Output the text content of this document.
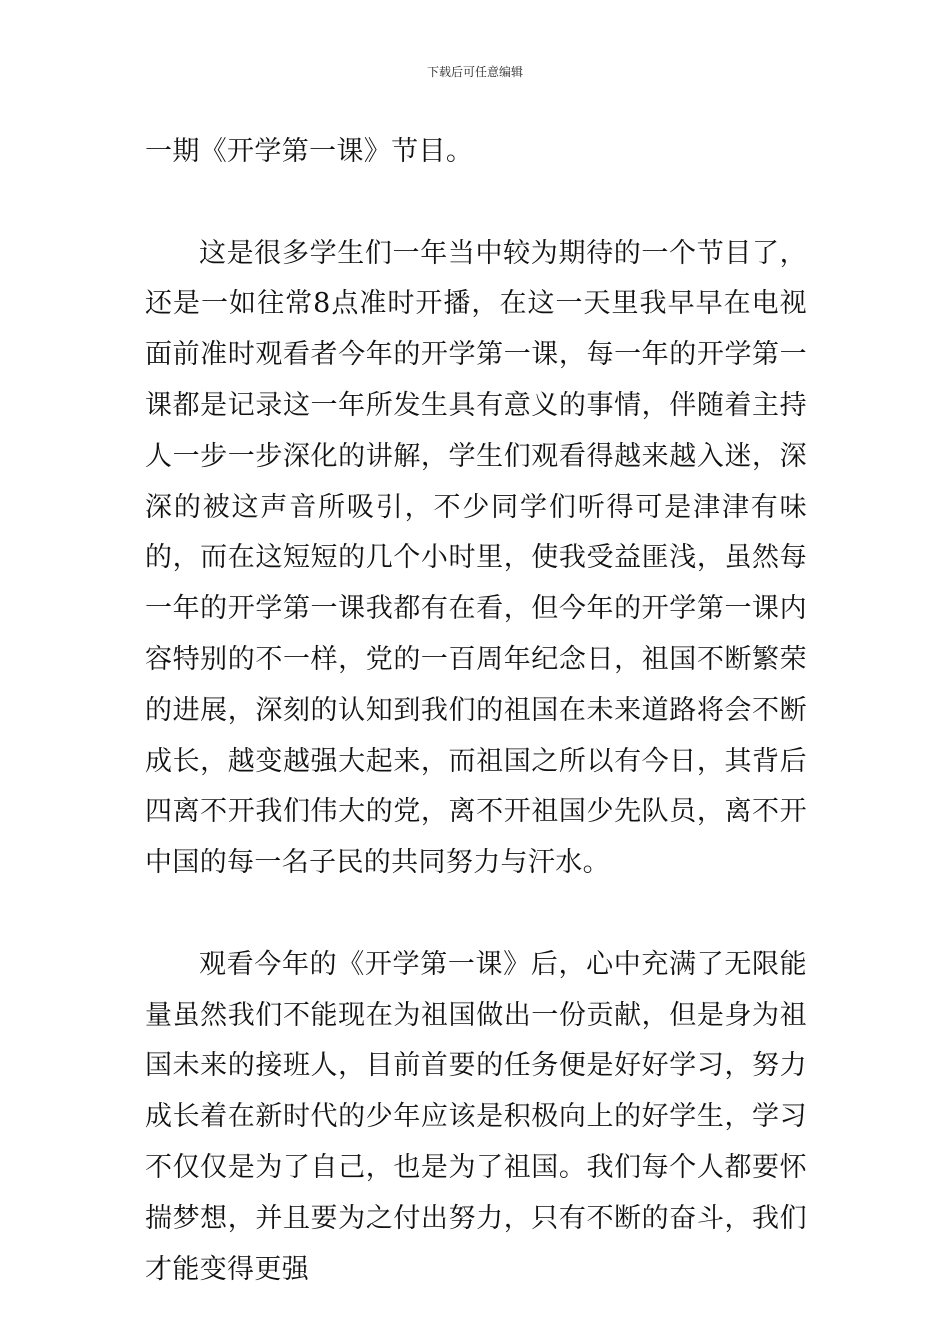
下载后可任意编辑

一期《开学第一课》节目。

这是很多学生们一年当中较为期待的一个节目了，还是一如往常8点准时开播，在这一天里我早早在电视面前准时观看者今年的开学第一课，每一年的开学第一课都是记录这一年所发生具有意义的事情，伴随着主持人一步一步深化的讲解，学生们观看得越来越入迷，深深的被这声音所吸引，不少同学们听得可是津津有味的，而在这短短的几个小时里，使我受益匪浅，虽然每一年的开学第一课我都有在看，但今年的开学第一课内容特别的不一样，党的一百周年纪念日，祖国不断繁荣的进展，深刻的认知到我们的祖国在未来道路将会不断成长，越变越强大起来，而祖国之所以有今日，其背后四离不开我们伟大的党，离不开祖国少先队员，离不开中国的每一名子民的共同努力与汗水。

观看今年的《开学第一课》后，心中充满了无限能量虽然我们不能现在为祖国做出一份贡献，但是身为祖国未来的接班人，目前首要的任务便是好好学习，努力成长着在新时代的少年应该是积极向上的好学生，学习不仅仅是为了自己，也是为了祖国。我们每个人都要怀揣梦想，并且要为之付出努力，只有不断的奋斗，我们才能变得更强
